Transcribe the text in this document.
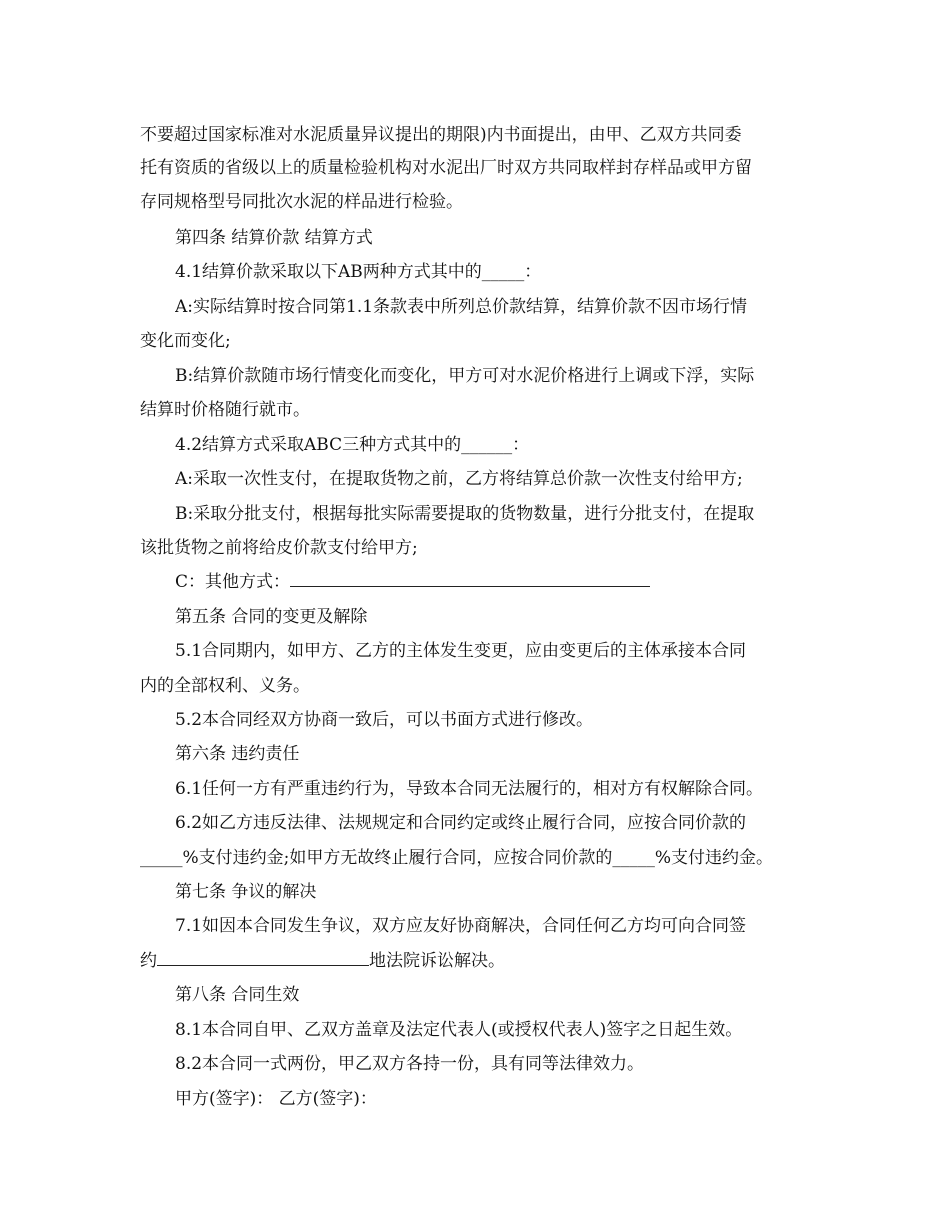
不要超过国家标准对水泥质量异议提出的期限)内书面提出，由甲、乙双方共同委
托有资质的省级以上的质量检验机构对水泥出厂时双方共同取样封存样品或甲方留
存同规格型号同批次水泥的样品进行检验。
第四条 结算价款 结算方式
4.1结算价款采取以下AB两种方式其中的_____：
A:实际结算时按合同第1.1条款表中所列总价款结算，结算价款不因市场行情
变化而变化;
B:结算价款随市场行情变化而变化，甲方可对水泥价格进行上调或下浮，实际
结算时价格随行就市。
4.2结算方式采取ABC三种方式其中的______：
A:采取一次性支付，在提取货物之前，乙方将结算总价款一次性支付给甲方;
B:采取分批支付，根据每批实际需要提取的货物数量，进行分批支付，在提取
该批货物之前将给皮价款支付给甲方;
C：其他方式：
第五条 合同的变更及解除
5.1合同期内，如甲方、乙方的主体发生变更，应由变更后的主体承接本合同
内的全部权利、义务。
5.2本合同经双方协商一致后，可以书面方式进行修改。
第六条 违约责任
6.1任何一方有严重违约行为，导致本合同无法履行的，相对方有权解除合同。
6.2如乙方违反法律、法规规定和合同约定或终止履行合同，应按合同价款的
_____%支付违约金;如甲方无故终止履行合同，应按合同价款的_____%支付违约金。
第七条 争议的解决
7.1如因本合同发生争议，双方应友好协商解决，合同任何乙方均可向合同签
约	地法院诉讼解决。
第八条 合同生效
8.1本合同自甲、乙双方盖章及法定代表人(或授权代表人)签字之日起生效。
8.2本合同一式两份，甲乙双方各持一份，具有同等法律效力。
甲方(签字)： 乙方(签字)：
